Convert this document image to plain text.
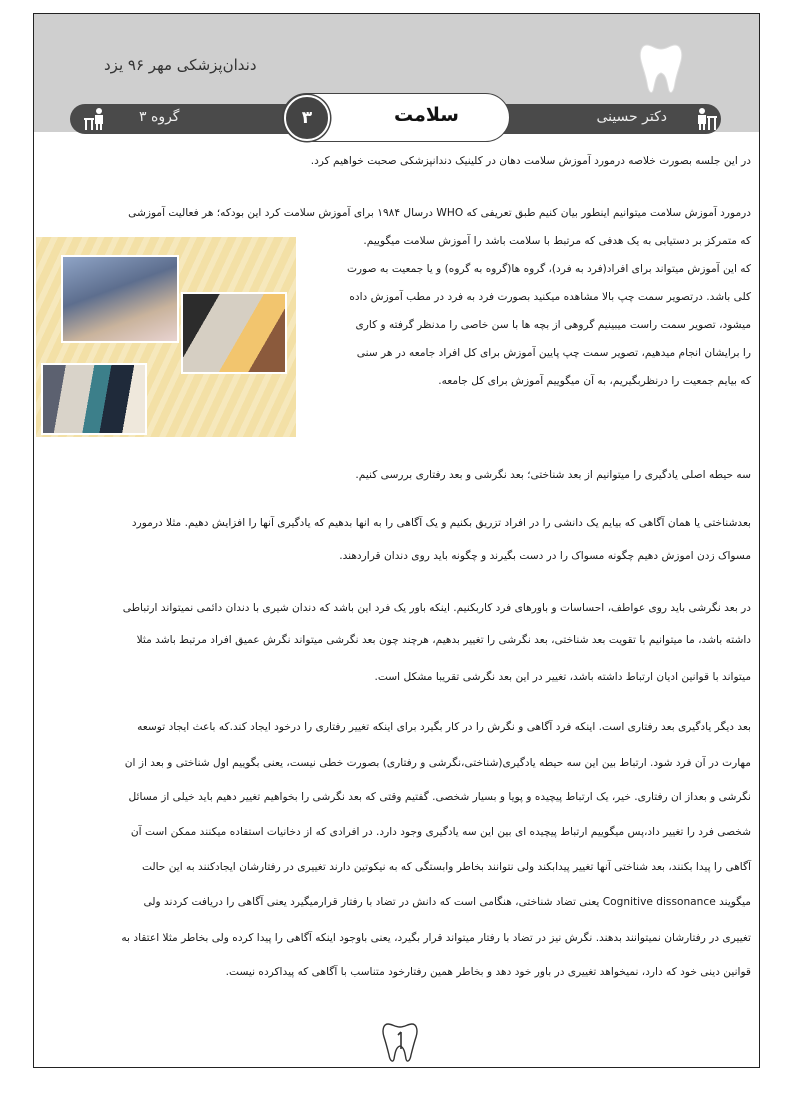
دندان‌پزشکی مهر ۹۶ یزد
گروه ۳	دکتر حسینی
سلامت
۳
در این جلسه بصورت خلاصه درمورد آموزش سلامت دهان در کلینیک دندانپزشکی صحبت خواهیم کرد.
درمورد آموزش سلامت میتوانیم اینطور بیان کنیم طبق تعریفی که WHO درسال ۱۹۸۴ برای آموزش سلامت کرد این بودکه؛ هر فعالیت آموزشی
که متمرکز بر دستیابی به یک هدفی که مرتبط با سلامت باشد را آموزش سلامت میگوییم.
که این آموزش میتواند برای افراد(فرد به فرد)، گروه ها(گروه به گروه) و یا جمعیت به صورت
کلی باشد. درتصویر سمت چپ بالا مشاهده میکنید بصورت فرد به فرد در مطب آموزش داده
میشود، تصویر سمت راست میبینیم گروهی از بچه ها با سن خاصی را مدنظر گرفته و کاری
را برایشان انجام میدهیم، تصویر سمت چپ پایین آموزش برای کل افراد جامعه در هر سنی
که بیایم جمعیت را درنظربگیریم، به آن میگوییم آموزش برای کل جامعه.
سه حیطه اصلی یادگیری را میتوانیم از بعد شناختی؛ بعد نگرشی و بعد رفتاری بررسی کنیم.
بعدشناختی یا همان آگاهی که بیایم یک دانشی را در افراد تزریق بکنیم و یک آگاهی را به انها بدهیم که یادگیری آنها را افزایش دهیم. مثلا درمورد
مسواک زدن اموزش دهیم چگونه مسواک را در دست بگیرند و چگونه باید روی دندان قراردهند.
در بعد نگرشی باید روی عواطف، احساسات و باورهای فرد کاربکنیم. اینکه باور یک فرد این باشد که دندان شیری با دندان دائمی نمیتواند ارتباطی
داشته باشد، ما میتوانیم با تقویت بعد شناختی، بعد نگرشی را تغییر بدهیم، هرچند چون بعد نگرشی میتواند نگرش عمیق افراد مرتبط باشد مثلا
میتواند با قوانین ادیان ارتباط داشته باشد، تغییر در این بعد نگرشی تقریبا مشکل است.
بعد دیگر یادگیری بعد رفتاری است. اینکه فرد آگاهی و نگرش را در کار بگیرد برای اینکه تغییر رفتاری را درخود ایجاد کند.که باعث ایجاد توسعه
مهارت در آن فرد شود. ارتباط بین این سه حیطه یادگیری(شناختی،نگرشی و رفتاری) بصورت خطی نیست، یعنی بگوییم اول شناختی و بعد از ان
نگرشی و بعداز ان رفتاری. خیر، یک ارتباط پیچیده و پویا و بسیار شخصی. گفتیم وقتی که بعد نگرشی را بخواهیم تغییر دهیم باید خیلی از مسائل
شخصی فرد را تغییر داد،پس میگوییم ارتباط پیچیده ای بین این سه یادگیری وجود دارد. در افرادی که از دخانیات استفاده میکنند ممکن است آن
آگاهی را پیدا بکنند، بعد شناختی آنها تغییر پیدابکند ولی نتوانند بخاطر وابستگی که به نیکوتین دارند تغییری در رفتارشان ایجادکنند به این حالت
میگویند Cognitive dissonance یعنی تضاد شناختی، هنگامی است که دانش در تضاد با رفتار قرارمیگیرد یعنی آگاهی را دریافت کردند ولی
تغییری در رفتارشان نمیتوانند بدهند. نگرش نیز در تضاد با رفتار میتواند قرار بگیرد، یعنی باوجود اینکه آگاهی را پیدا کرده ولی بخاطر مثلا اعتقاد به
قوانین دینی خود که دارد، نمیخواهد تغییری در باور خود دهد و بخاطر همین رفتارخود متناسب با آگاهی که پیداکرده نیست.
